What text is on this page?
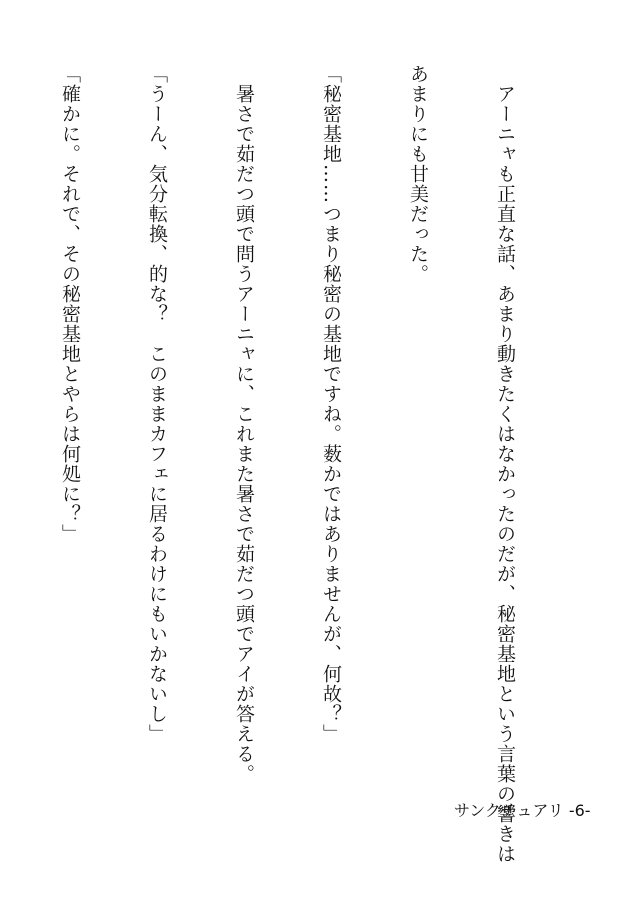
　アーニャも正直な話、あまり動きたくはなかったのだが、秘密基地という言葉の響きは

あまりにも甘美だった。

「秘密基地……つまり秘密の基地ですね。薮かではありませんが、何故？」

　暑さで茹だつ頭で問うアーニャに、これまた暑さで茹だつ頭でアイが答える。

「うーん、気分転換、的な？　このままカフェに居るわけにもいかないし」

「確かに。それで、その秘密基地とやらは何処に？」

サンクチュアリ -6-
